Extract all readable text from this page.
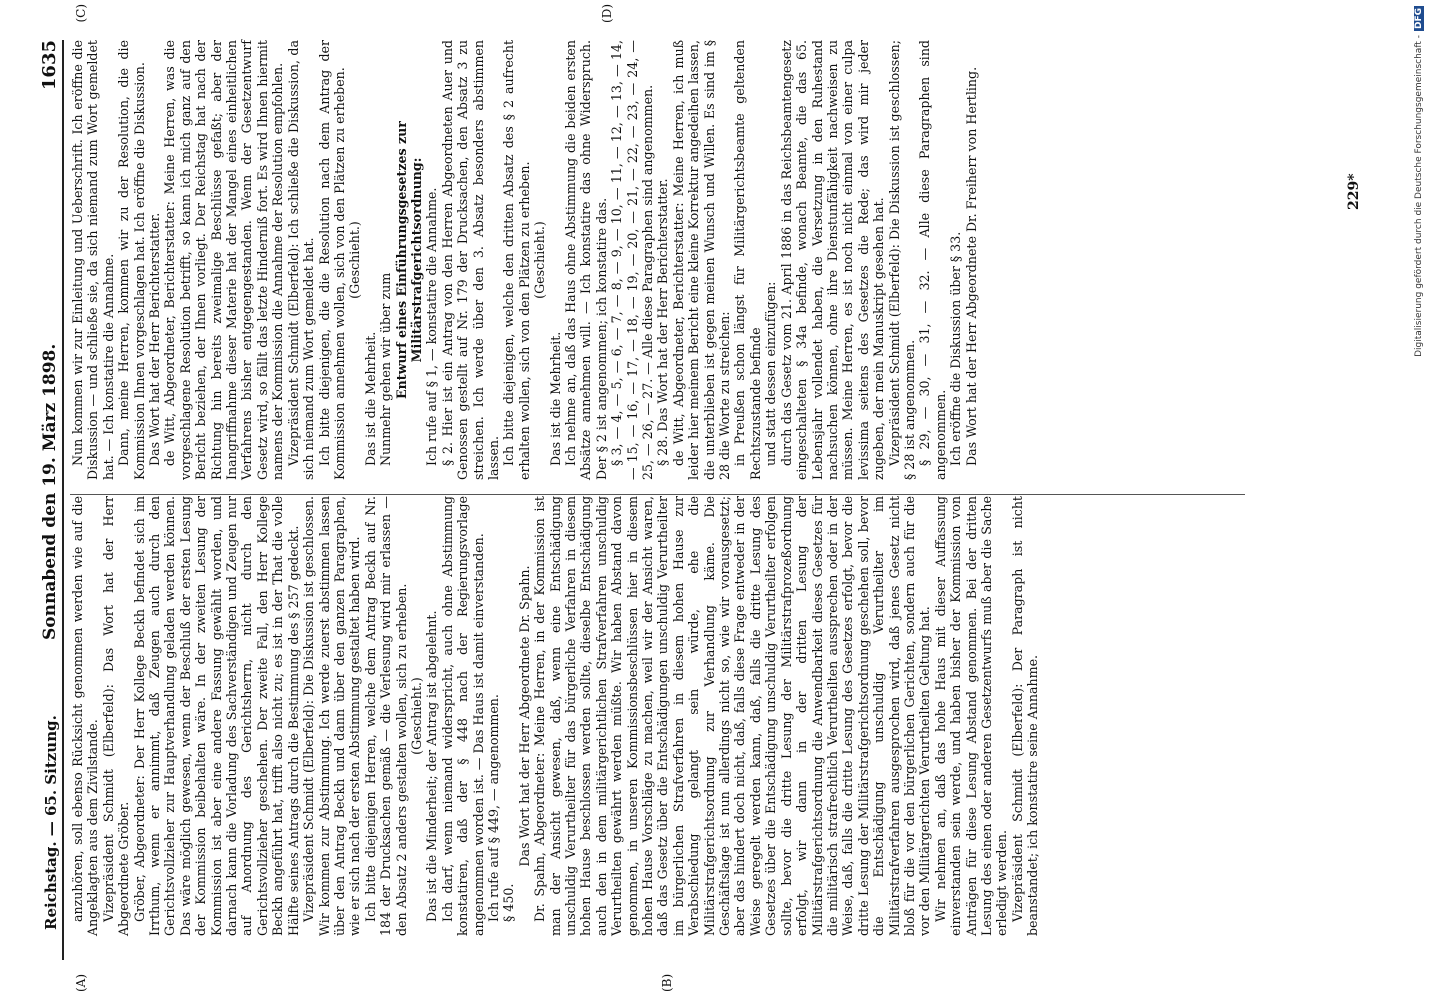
Reichstag. — 65. Sitzung.
Sonnabend den 19. März 1898.
1635
(A)	(B)
(C)	(D)

anzuhören, soll ebenso Rücksicht genommen werden wie auf die Angeklagten aus dem Zivilstande. Vizepräsident Schmidt (Elberfeld): Das Wort hat der Herr Abgeordnete Gröber. Gröber, Abgeordneter: Der Herr Kollege Beckh befindet sich im Irrthum, wenn er annimmt, daß Zeugen auch durch den Gerichtsvollzieher zur Hauptverhandlung geladen werden können. Das wäre möglich gewesen, wenn der Beschluß der ersten Lesung der Kommission beibehalten wäre. In der zweiten Lesung der Kommission ist aber eine andere Fassung gewählt worden, und darnach kann die Vorladung des Sachverständigen und Zeugen nur auf Anordnung des Gerichtsherrn, nicht durch den Gerichtsvollzieher geschehen. Der zweite Fall, den Herr Kollege Beckh angeführt hat, trifft also nicht zu; es ist in der That die volle Hälfte seines Antrags durch die Bestimmung des § 257 gedeckt. Vizepräsident Schmidt (Elberfeld): Die Diskussion ist geschlossen. Wir kommen zur Abstimmung. Ich werde zuerst abstimmen lassen über den Antrag Beckh und dann über den ganzen Paragraphen, wie er sich nach der ersten Abstimmung gestaltet haben wird. Ich bitte diejenigen Herren, welche dem Antrag Beckh auf Nr. 184 der Drucksachen gemäß — die Verlesung wird mir erlassen — den Absatz 2 anders gestalten wollen, sich zu erheben. (Geschieht.) Das ist die Minderheit; der Antrag ist abgelehnt. Ich darf, wenn niemand widerspricht, auch ohne Abstimmung konstatiren, daß der § 448 nach der Regierungsvorlage angenommen worden ist. — Das Haus ist damit einverstanden. Ich rufe auf § 449, — angenommen. § 450.

Das Wort hat der Herr Abgeordnete Dr. Spahn. Dr. Spahn, Abgeordneter: Meine Herren, in der Kommission ist man der Ansicht gewesen, daß, wenn eine Entschädigung unschuldig Verurtheilter für das bürgerliche Verfahren in diesem hohen Hause beschlossen werden sollte, dieselbe Entschädigung auch den in dem militärgerichtlichen Strafverfahren unschuldig Verurtheilten gewährt werden müßte. Wir haben Abstand davon genommen, in unseren Kommissionsbeschlüssen hier in diesem hohen Hause Vorschläge zu machen, weil wir der Ansicht waren, daß das Gesetz über die Entschädigungen unschuldig Verurtheilter im bürgerlichen Strafverfahren in diesem hohen Hause zur Verabschiedung gelangt sein würde, ehe die Militärstrafgerichtsordnung zur Verhandlung käme. Die Geschäftslage ist nun allerdings nicht so, wie wir vorausgesetzt; aber das hindert doch nicht, daß, falls diese Frage entweder in der Weise geregelt werden kann, daß, falls die dritte Lesung des Gesetzes über die Entschädigung unschuldig Verurtheilter erfolgen sollte, bevor die dritte Lesung der Militärstrafprozeßordnung erfolgt, wir dann in der dritten Lesung der Militärstrafgerichtsordnung die Anwendbarkeit dieses Gesetzes für die militärisch strafrechtlich Verurtheilten aussprechen oder in der Weise, daß, falls die dritte Lesung des Gesetzes erfolgt, bevor die dritte Lesung der Militärstrafgerichtsordnung geschehen soll, bevor die Entschädigung unschuldig Verurtheilter im Militärstrafverfahren ausgesprochen wird, daß jenes Gesetz nicht bloß für die vor den bürgerlichen Gerichten, sondern auch für die vor den Militärgerichten Verurtheilten Geltung hat. Wir nehmen an, daß das hohe Haus mit dieser Auffassung einverstanden sein werde, und haben bisher der Kommission von Anträgen für diese Lesung Abstand genommen. Bei der dritten Lesung des einen oder anderen Gesetzentwurfs muß aber die Sache erledigt werden. Vizepräsident Schmidt (Elberfeld): Der Paragraph ist nicht beanstandet; ich konstatire seine Annahme.

Nun kommen wir zur Einleitung und Ueberschrift. Ich eröffne die Diskussion — und schließe sie, da sich niemand zum Wort gemeldet hat. — Ich konstatire die Annahme. Dann, meine Herren, kommen wir zu der Resolution, die die Kommission Ihnen vorgeschlagen hat. Ich eröffne die Diskussion. Das Wort hat der Herr Berichterstatter. de Witt, Abgeordneter, Berichterstatter: Meine Herren, was die vorgeschlagene Resolution betrifft, so kann ich mich ganz auf den Bericht beziehen, der Ihnen vorliegt. Der Reichstag hat nach der Richtung hin bereits zweimalige Beschlüsse gefaßt; aber der Inangriffnahme dieser Materie hat der Mangel eines einheitlichen Verfahrens bisher entgegengestanden. Wenn der Gesetzentwurf Gesetz wird, so fällt das letzte Hinderniß fort. Es wird Ihnen hiermit namens der Kommission die Annahme der Resolution empfohlen. Vizepräsident Schmidt (Elberfeld): Ich schließe die Diskussion, da sich niemand zum Wort gemeldet hat. Ich bitte diejenigen, die die Resolution nach dem Antrag der Kommission annehmen wollen, sich von den Plätzen zu erheben. (Geschieht.)

Das ist die Mehrheit. Nunmehr gehen wir über zum Entwurf eines Einführungsgesetzes zur Militärstrafgerichtsordnung: Ich rufe auf § 1, — konstatire die Annahme. § 2. Hier ist ein Antrag von den Herren Abgeordneten Auer und Genossen gestellt auf Nr. 179 der Drucksachen, den Absatz 3 zu streichen. Ich werde über den 3. Absatz besonders abstimmen lassen. Ich bitte diejenigen, welche den dritten Absatz des § 2 aufrecht erhalten wollen, sich von den Plätzen zu erheben. (Geschieht.)

Das ist die Mehrheit. Ich nehme an, daß das Haus ohne Abstimmung die beiden ersten Absätze annehmen will. — Ich konstatire das ohne Widerspruch. Der § 2 ist angenommen; ich konstatire das. § 3, — 4, — 5, — 6, — 7, — 8, — 9, — 10, — 11, — 12, — 13, — 14, — 15, — 16, — 17, — 18, — 19, — 20, — 21, — 22, — 23, — 24, — 25, — 26, — 27. — Alle diese Paragraphen sind angenommen. § 28. Das Wort hat der Herr Berichterstatter. de Witt, Abgeordneter, Berichterstatter: Meine Herren, ich muß leider hier meinem Bericht eine kleine Korrektur angedeihen lassen, die unterblieben ist gegen meinen Wunsch und Willen. Es sind im § 28 die Worte zu streichen: in Preußen schon längst für Militärgerichtsbeamte geltenden Rechtszustande befinde und statt dessen einzufügen: durch das Gesetz vom 21. April 1886 in das Reichsbeamtengesetz eingeschalteten § 34a befinde, wonach Beamte, die das 65. Lebensjahr vollendet haben, die Versetzung in den Ruhestand nachsuchen können, ohne ihre Dienstunfähigkeit nachweisen zu müssen. Meine Herren, es ist noch nicht einmal von einer culpa levissima seitens des Gesetzes die Rede; das wird mir jeder zugeben, der mein Manuskript gesehen hat. Vizepräsident Schmidt (Elberfeld): Die Diskussion ist geschlossen; § 28 ist angenommen. § 29, — 30, — 31, — 32. — Alle diese Paragraphen sind angenommen. Ich eröffne die Diskussion über § 33. Das Wort hat der Herr Abgeordnete Dr. Freiherr von Hertling.	229*	Digitalisierung gefördert durch die Deutsche Forschungsgemeinschaft -DFG
